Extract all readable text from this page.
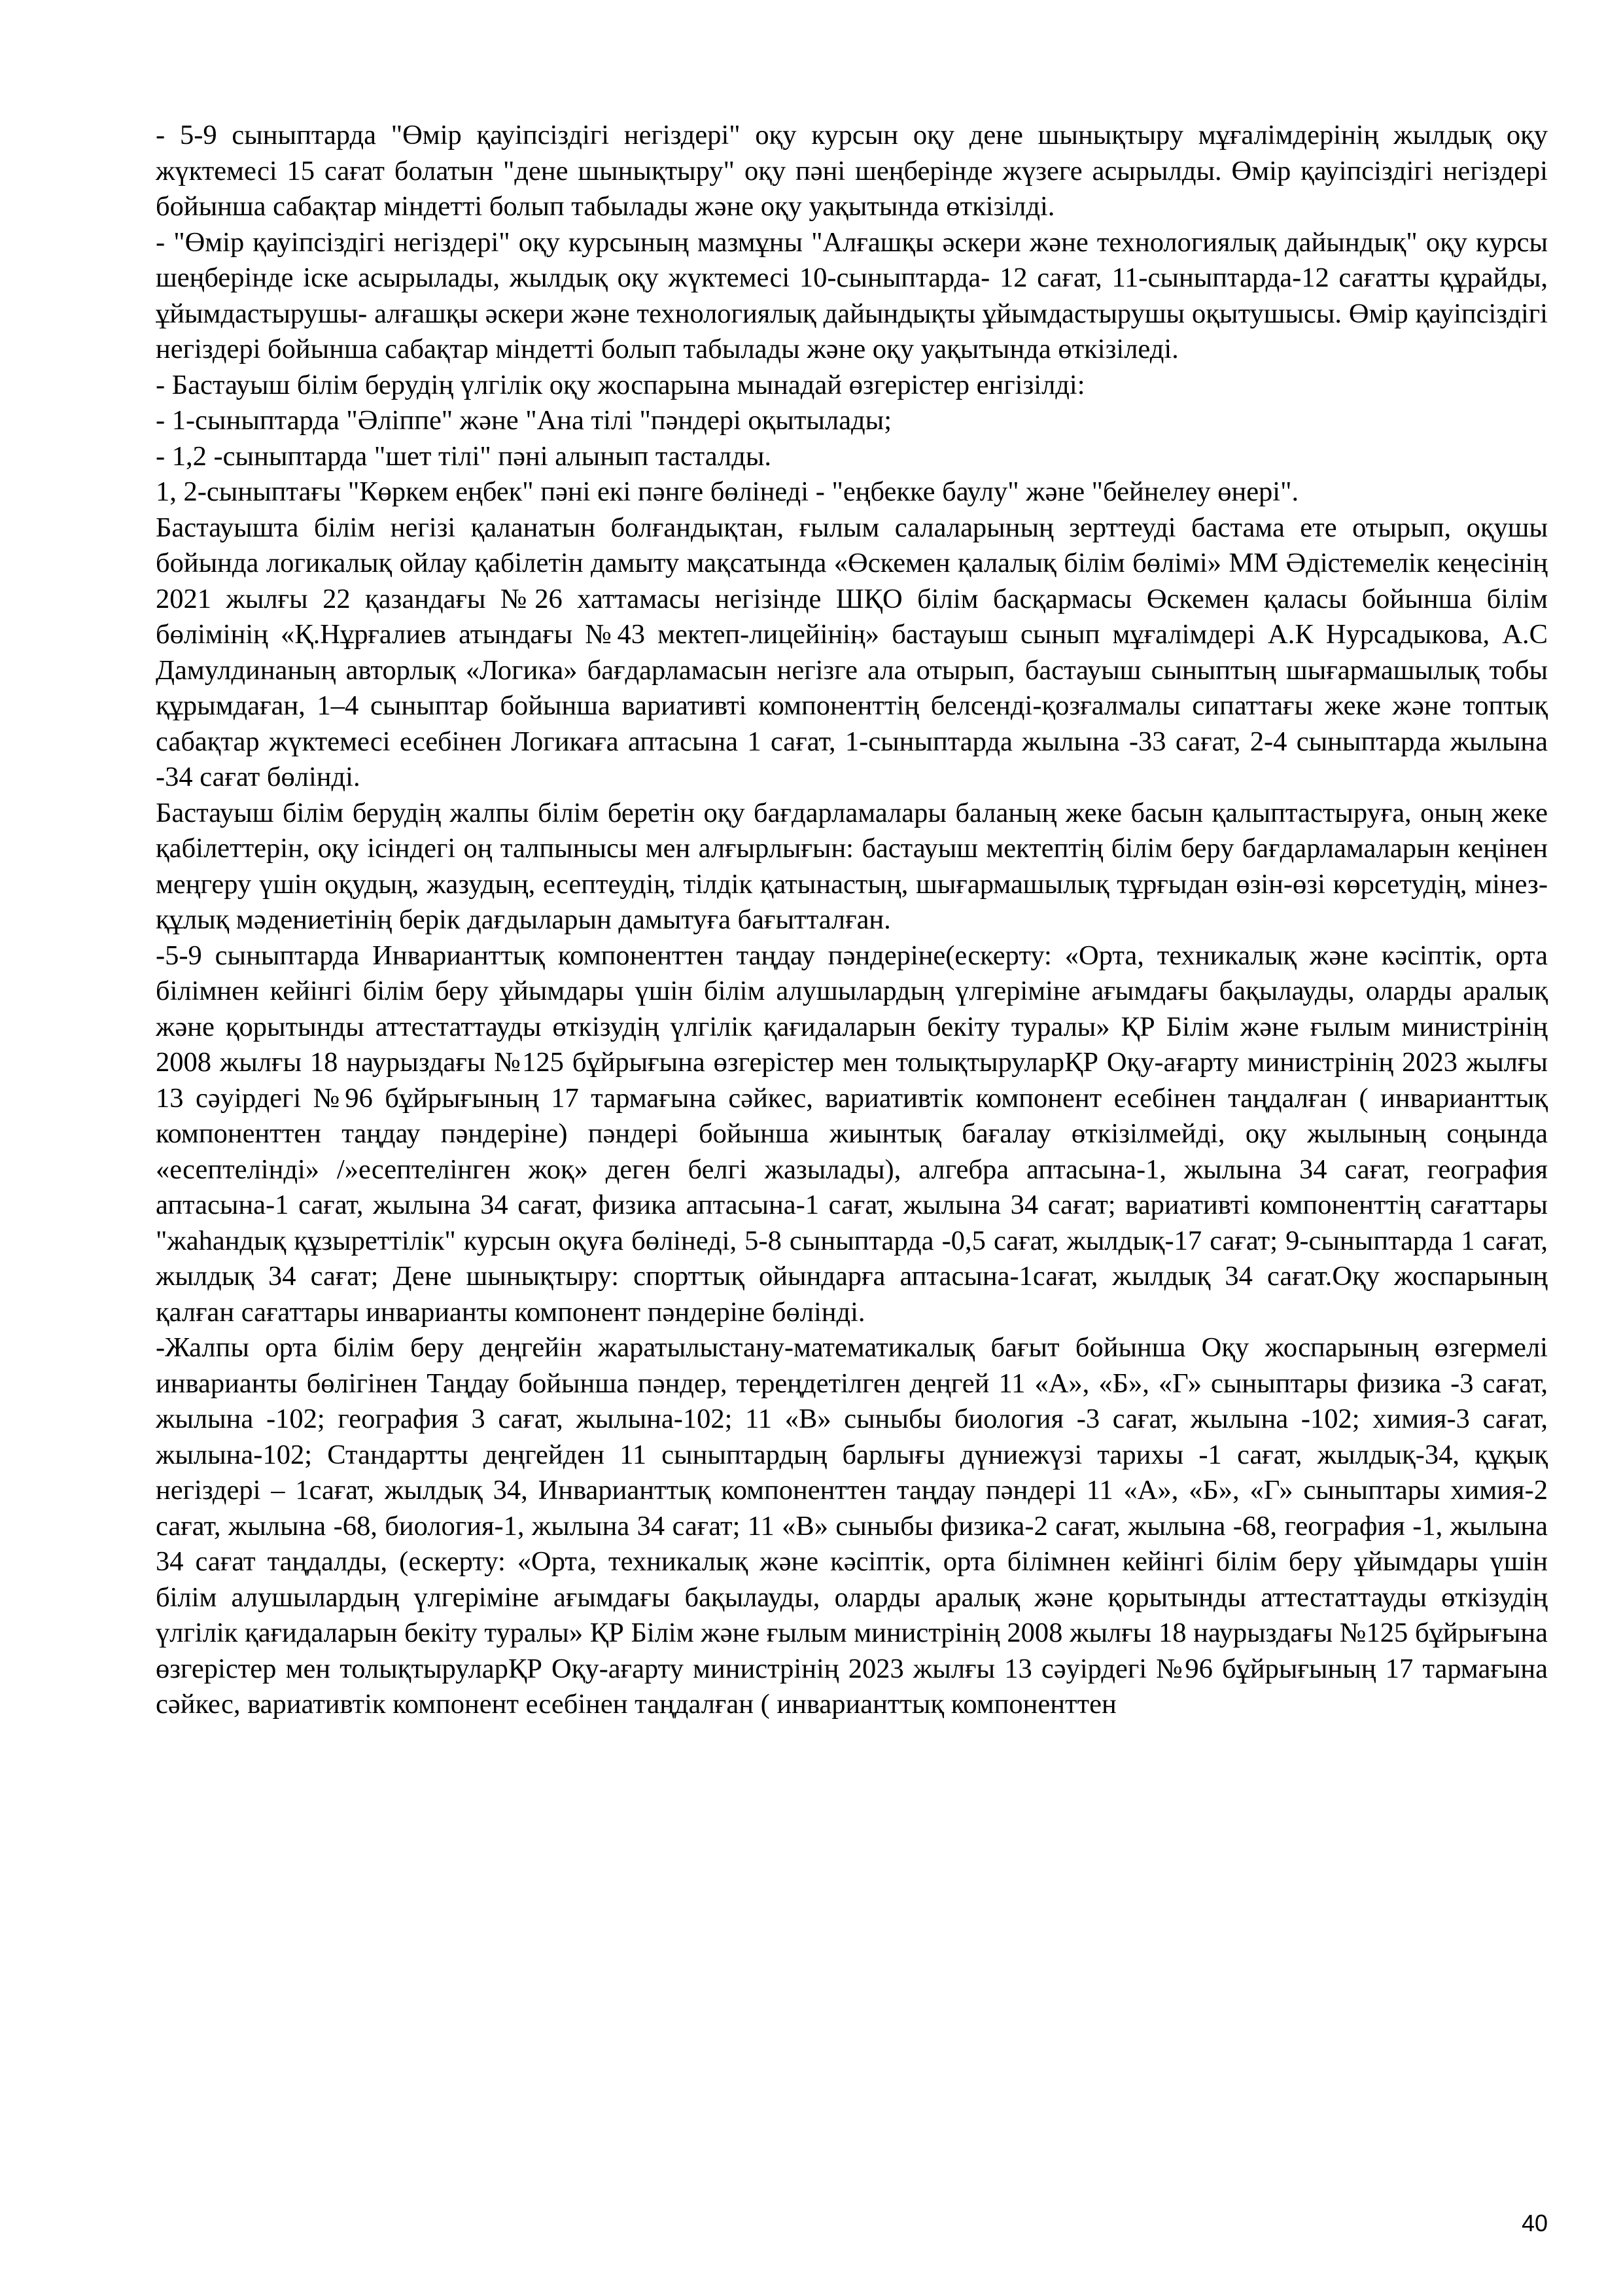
- 5-9 сыныптарда "Өмір қауіпсіздігі негіздері" оқу курсын оқу дене шынықтыру мұғалімдерінің жылдық оқу жүктемесі 15 сағат болатын "дене шынықтыру" оқу пәні шеңберінде жүзеге асырылды. Өмір қауіпсіздігі негіздері бойынша сабақтар міндетті болып табылады және оқу уақытында өткізілді.

- "Өмір қауіпсіздігі негіздері" оқу курсының мазмұны "Алғашқы әскери және технологиялық дайындық" оқу курсы шеңберінде іске асырылады, жылдық оқу жүктемесі 10-сыныптарда- 12 сағат, 11-сыныптарда-12 сағатты құрайды, ұйымдастырушы- алғашқы әскери және технологиялық дайындықты ұйымдастырушы оқытушысы. Өмір қауіпсіздігі негіздері бойынша сабақтар міндетті болып табылады және оқу уақытында өткізіледі.

- Бастауыш білім берудің үлгілік оқу жоспарына мынадай өзгерістер енгізілді:

- 1-сыныптарда "Әліппе" және "Ана тілі "пәндері оқытылады;

- 1,2 -сыныптарда "шет тілі" пәні алынып тасталды.

1, 2-сыныптағы "Көркем еңбек" пәні екі пәнге бөлінеді - "еңбекке баулу" және "бейнелеу өнері".

Бастауышта білім негізі қаланатын болғандықтан, ғылым салаларының зерттеуді бастама ете отырып, оқушы бойында логикалық ойлау қабілетін дамыту мақсатында «Өскемен қалалық білім бөлімі» ММ Әдістемелік кеңесінің 2021 жылғы 22 қазандағы №26 хаттамасы негізінде ШҚО білім басқармасы Өскемен қаласы бойынша білім бөлімінің «Қ.Нұрғалиев атындағы №43 мектеп-лицейінің» бастауыш сынып мұғалімдері А.К Нурсадыкова, А.С Дамулдинаның авторлық «Логика» бағдарламасын негізге ала отырып, бастауыш сыныптың шығармашылық тобы құрымдаған, 1–4 сыныптар бойынша вариативті компоненттің белсенді-қозғалмалы сипаттағы жеке және топтық сабақтар жүктемесі есебінен Логикаға аптасына 1 сағат, 1-сыныптарда жылына -33 сағат, 2-4 сыныптарда жылына -34 сағат бөлінді.

Бастауыш білім берудің жалпы білім беретін оқу бағдарламалары баланың жеке басын қалыптастыруға, оның жеке қабілеттерін, оқу ісіндегі оң талпынысы мен алғырлығын: бастауыш мектептің білім беру бағдарламаларын кеңінен меңгеру үшін оқудың, жазудың, есептеудің, тілдік қатынастың, шығармашылық тұрғыдан өзін-өзі көрсетудің, мінез-құлық мәдениетінің берік дағдыларын дамытуға бағытталған.

-5-9 сыныптарда Инварианттық компоненттен таңдау пәндеріне(ескерту: «Орта, техникалық және кәсіптік, орта білімнен кейінгі білім беру ұйымдары үшін білім алушылардың үлгеріміне ағымдағы бақылауды, оларды аралық және қорытынды аттестаттауды өткізудің үлгілік қағидаларын бекіту туралы» ҚР Білім және ғылым министрінің 2008 жылғы 18 наурыздағы №125 бұйрығына өзгерістер мен толықтыруларҚР Оқу-ағарту министрінің 2023 жылғы 13 сәуірдегі №96 бұйрығының 17 тармағына сәйкес, вариативтік компонент есебінен таңдалған ( инварианттық компоненттен таңдау пәндеріне) пәндері бойынша жиынтық бағалау өткізілмейді, оқу жылының соңында «есептелінді» /»есептелінген жоқ» деген белгі жазылады), алгебра аптасына-1, жылына 34 сағат, география аптасына-1 сағат, жылына 34 сағат, физика аптасына-1 сағат, жылына 34 сағат; вариативті компоненттің сағаттары "жаһандық құзыреттілік" курсын оқуға бөлінеді, 5-8 сыныптарда -0,5 сағат, жылдық-17 сағат; 9-сыныптарда 1 сағат, жылдық 34 сағат; Дене шынықтыру: спорттық ойындарға аптасына-1сағат, жылдық 34 сағат.Оқу жоспарының қалған сағаттары инварианты компонент пәндеріне бөлінді.

-Жалпы орта білім беру деңгейін жаратылыстану-математикалық бағыт бойынша Оқу жоспарының өзгермелі инварианты бөлігінен Таңдау бойынша пәндер, тереңдетілген деңгей 11 «А», «Б», «Г» сыныптары физика -3 сағат, жылына -102; география 3 сағат, жылына-102; 11 «В» сыныбы биология -3 сағат, жылына -102; химия-3 сағат, жылына-102; Стандартты деңгейден 11 сыныптардың барлығы дүниежүзі тарихы -1 сағат, жылдық-34, құқық негіздері – 1сағат, жылдық 34, Инварианттық компоненттен таңдау пәндері 11 «А», «Б», «Г» сыныптары химия-2 сағат, жылына -68, биология-1, жылына 34 сағат; 11 «В» сыныбы физика-2 сағат, жылына -68, география -1, жылына 34 сағат таңдалды, (ескерту: «Орта, техникалық және кәсіптік, орта білімнен кейінгі білім беру ұйымдары үшін білім алушылардың үлгеріміне ағымдағы бақылауды, оларды аралық және қорытынды аттестаттауды өткізудің үлгілік қағидаларын бекіту туралы» ҚР Білім және ғылым министрінің 2008 жылғы 18 наурыздағы №125 бұйрығына өзгерістер мен толықтыруларҚР Оқу-ағарту министрінің 2023 жылғы 13 сәуірдегі №96 бұйрығының 17 тармағына сәйкес, вариативтік компонент есебінен таңдалған ( инварианттық компоненттен

40
